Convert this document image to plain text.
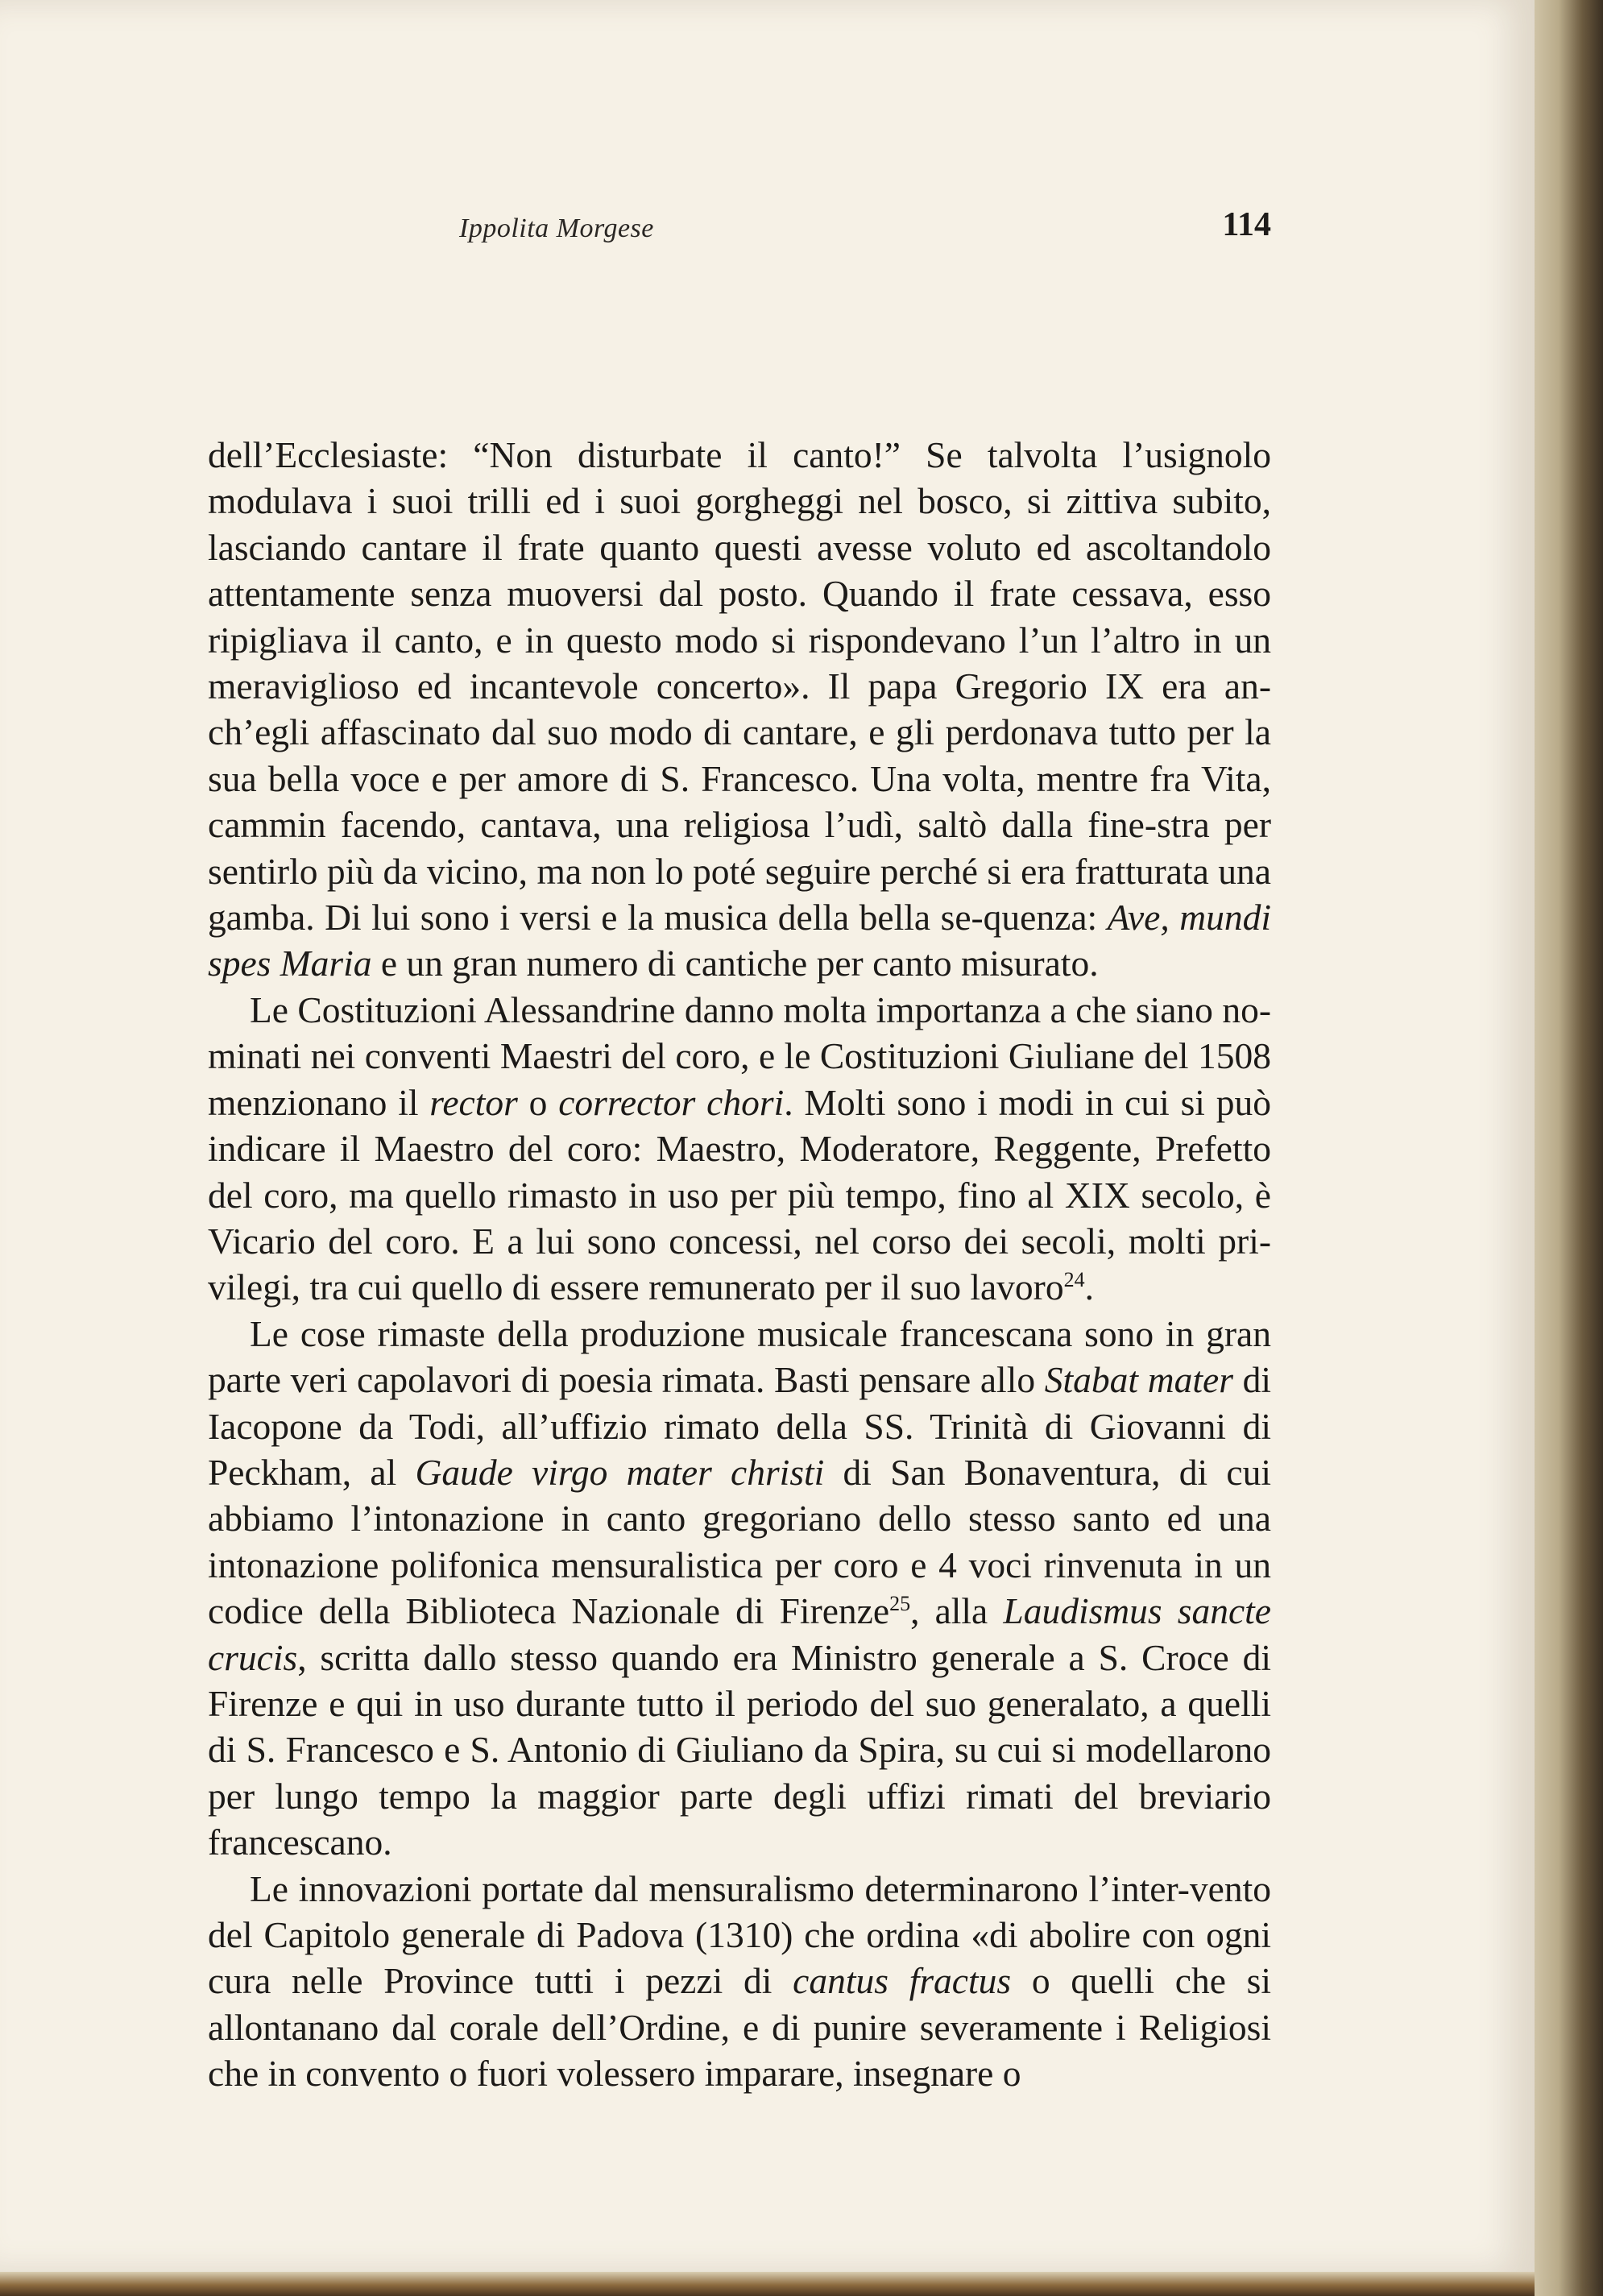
Ippolita Morgese	114

dell’Ecclesiaste: “Non disturbate il canto!” Se talvolta l’usignolo modulava i suoi trilli ed i suoi gorgheggi nel bosco, si zittiva subito, lasciando cantare il frate quanto questi avesse voluto ed ascoltandolo attentamente senza muoversi dal posto. Quando il frate cessava, esso ripigliava il canto, e in questo modo si rispondevano l’un l’altro in un meraviglioso ed incantevole concerto». Il papa Gregorio IX era an-ch’egli affascinato dal suo modo di cantare, e gli perdonava tutto per la sua bella voce e per amore di S. Francesco. Una volta, mentre fra Vita, cammin facendo, cantava, una religiosa l’udì, saltò dalla fine-stra per sentirlo più da vicino, ma non lo poté seguire perché si era fratturata una gamba. Di lui sono i versi e la musica della bella se-quenza: Ave, mundi spes Maria e un gran numero di cantiche per canto misurato.

Le Costituzioni Alessandrine danno molta importanza a che siano no-minati nei conventi Maestri del coro, e le Costituzioni Giuliane del 1508 menzionano il rector o corrector chori. Molti sono i modi in cui si può indicare il Maestro del coro: Maestro, Moderatore, Reggente, Prefetto del coro, ma quello rimasto in uso per più tempo, fino al XIX secolo, è Vicario del coro. E a lui sono concessi, nel corso dei secoli, molti pri-vilegi, tra cui quello di essere remunerato per il suo lavoro$^{24}$.

Le cose rimaste della produzione musicale francescana sono in gran parte veri capolavori di poesia rimata. Basti pensare allo Stabat mater di Iacopone da Todi, all’uffizio rimato della SS. Trinità di Giovanni di Peckham, al Gaude virgo mater christi di San Bonaventura, di cui abbiamo l’intonazione in canto gregoriano dello stesso santo ed una intonazione polifonica mensuralistica per coro e 4 voci rinvenuta in un codice della Biblioteca Nazionale di Firenze$^{25}$, alla Laudismus sancte crucis, scritta dallo stesso quando era Ministro generale a S. Croce di Firenze e qui in uso durante tutto il periodo del suo generalato, a quelli di S. Francesco e S. Antonio di Giuliano da Spira, su cui si modellarono per lungo tempo la maggior parte degli uffizi rimati del breviario francescano.

Le innovazioni portate dal mensuralismo determinarono l’inter-vento del Capitolo generale di Padova (1310) che ordina «di abolire con ogni cura nelle Province tutti i pezzi di cantus fractus o quelli che si allontanano dal corale dell’Ordine, e di punire severamente i Religiosi che in convento o fuori volessero imparare, insegnare o
